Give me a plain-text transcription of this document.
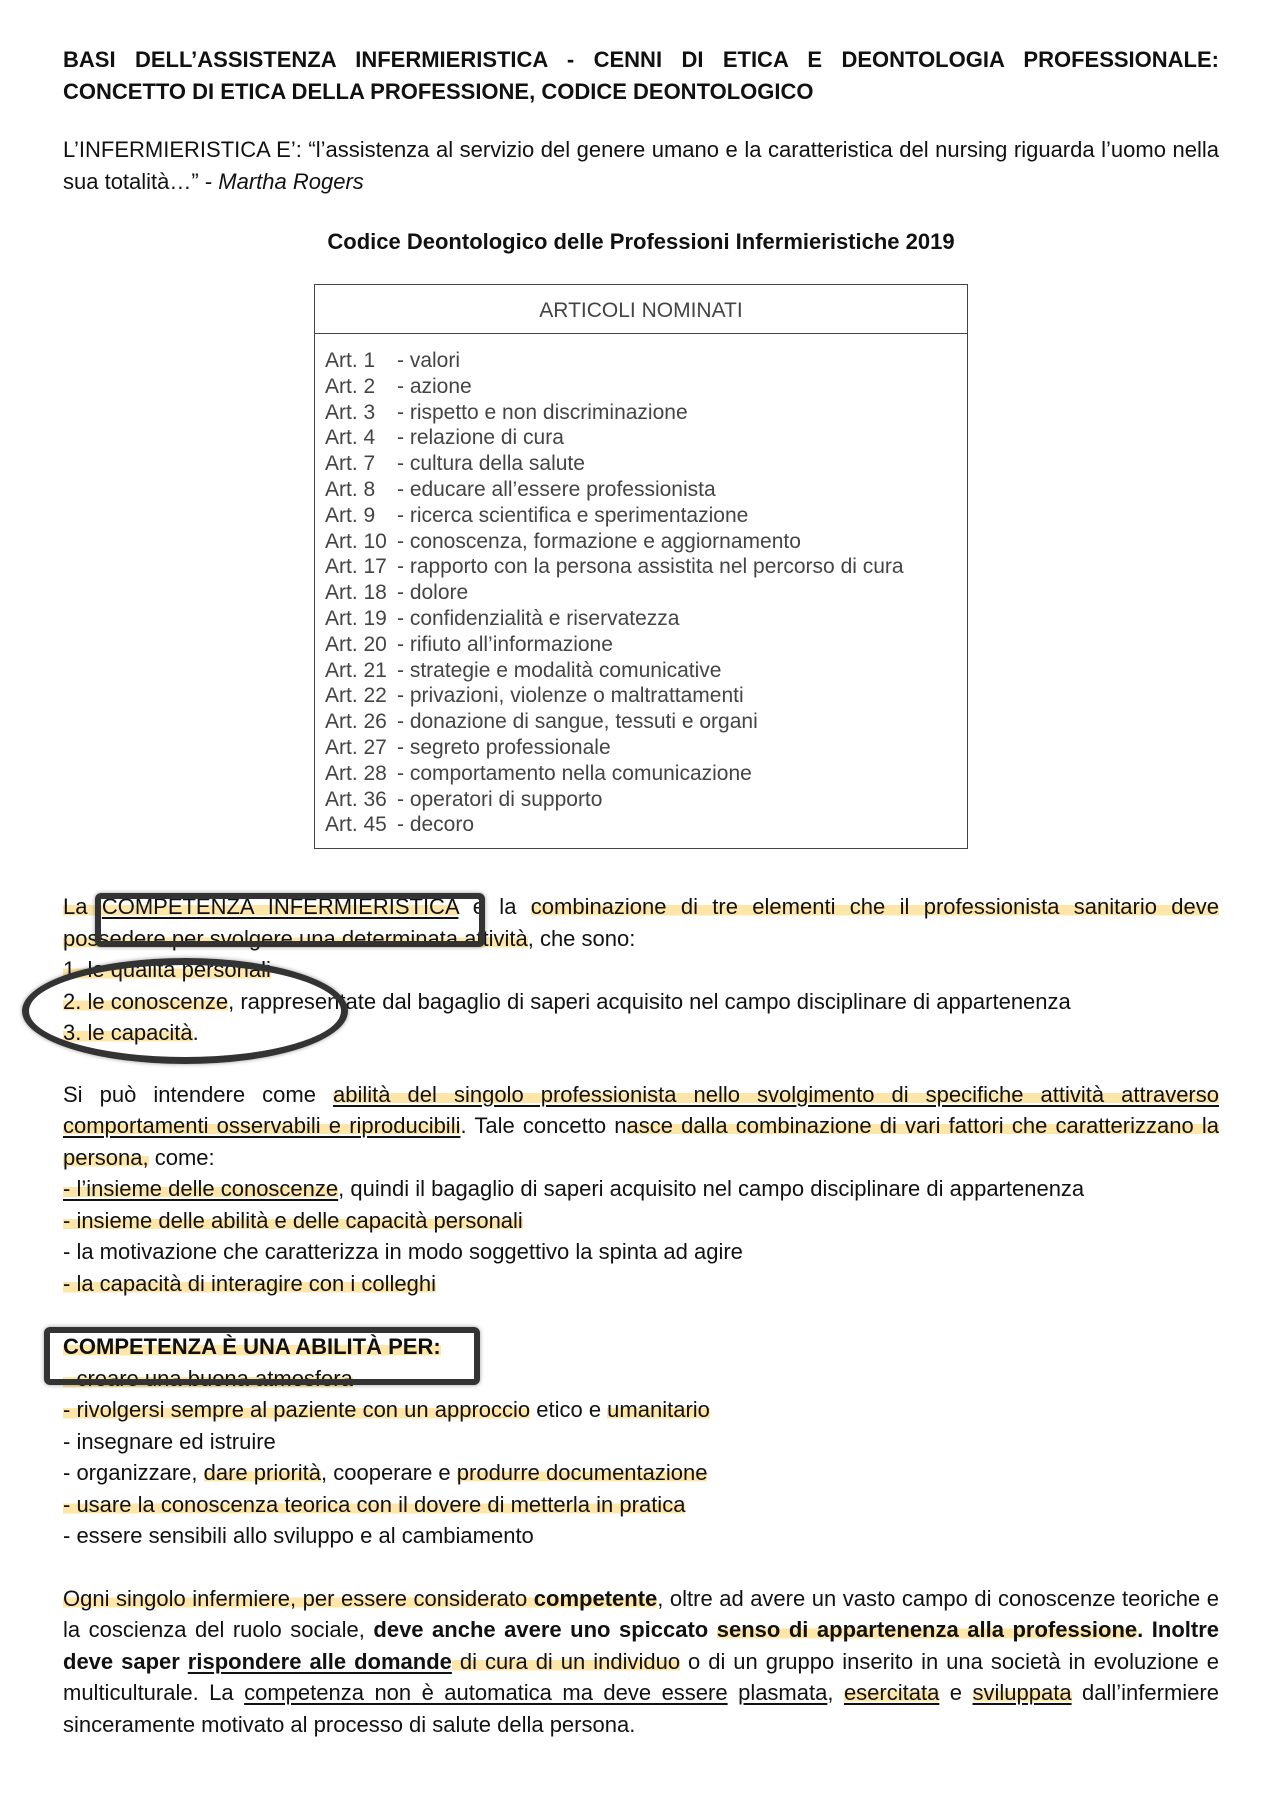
BASI DELL’ASSISTENZA INFERMIERISTICA - CENNI DI ETICA E DEONTOLOGIA PROFESSIONALE: CONCETTO DI ETICA DELLA PROFESSIONE, CODICE DEONTOLOGICO

L’INFERMIERISTICA E’: “l’assistenza al servizio del genere umano e la caratteristica del nursing riguarda l’uomo nella sua totalità…” - Martha Rogers

Codice Deontologico delle Professioni Infermieristiche 2019
ARTICOLI NOMINATI
Art. 1 - valori
Art. 2 - azione
Art. 3 - rispetto e non discriminazione
Art. 4 - relazione di cura
Art. 7 - cultura della salute
Art. 8 - educare all’essere professionista
Art. 9 - ricerca scientifica e sperimentazione
Art. 10 - conoscenza, formazione e aggiornamento
Art. 17 - rapporto con la persona assistita nel percorso di cura
Art. 18 - dolore
Art. 19 - confidenzialità e riservatezza
Art. 20 - rifiuto all’informazione
Art. 21 - strategie e modalità comunicative
Art. 22 - privazioni, violenze o maltrattamenti
Art. 26 - donazione di sangue, tessuti e organi
Art. 27 - segreto professionale
Art. 28 - comportamento nella comunicazione
Art. 36 - operatori di supporto
Art. 45 - decoro

La COMPETENZA INFERMIERISTICA è la combinazione di tre elementi che il professionista sanitario deve possedere per svolgere una determinata attività, che sono:

1. le qualità personali
2. le conoscenze, rappresentate dal bagaglio di saperi acquisito nel campo disciplinare di appartenenza
3. le capacità.

Si può intendere come abilità del singolo professionista nello svolgimento di specifiche attività attraverso comportamenti osservabili e riproducibili. Tale concetto nasce dalla combinazione di vari fattori che caratterizzano la persona, come:

- l’insieme delle conoscenze, quindi il bagaglio di saperi acquisito nel campo disciplinare di appartenenza
- insieme delle abilità e delle capacità personali
- la motivazione che caratterizza in modo soggettivo la spinta ad agire
- la capacità di interagire con i colleghi

COMPETENZA È UNA ABILITÀ PER:

- creare una buona atmosfera
- rivolgersi sempre al paziente con un approccio etico e umanitario
- insegnare ed istruire
- organizzare, dare priorità, cooperare e produrre documentazione
- usare la conoscenza teorica con il dovere di metterla in pratica
- essere sensibili allo sviluppo e al cambiamento

Ogni singolo infermiere, per essere considerato competente, oltre ad avere un vasto campo di conoscenze teoriche e la coscienza del ruolo sociale, deve anche avere uno spiccato senso di appartenenza alla professione. Inoltre deve saper rispondere alle domande di cura di un individuo o di un gruppo inserito in una società in evoluzione e multiculturale. La competenza non è automatica ma deve essere plasmata, esercitata e sviluppata dall’infermiere sinceramente motivato al processo di salute della persona.
